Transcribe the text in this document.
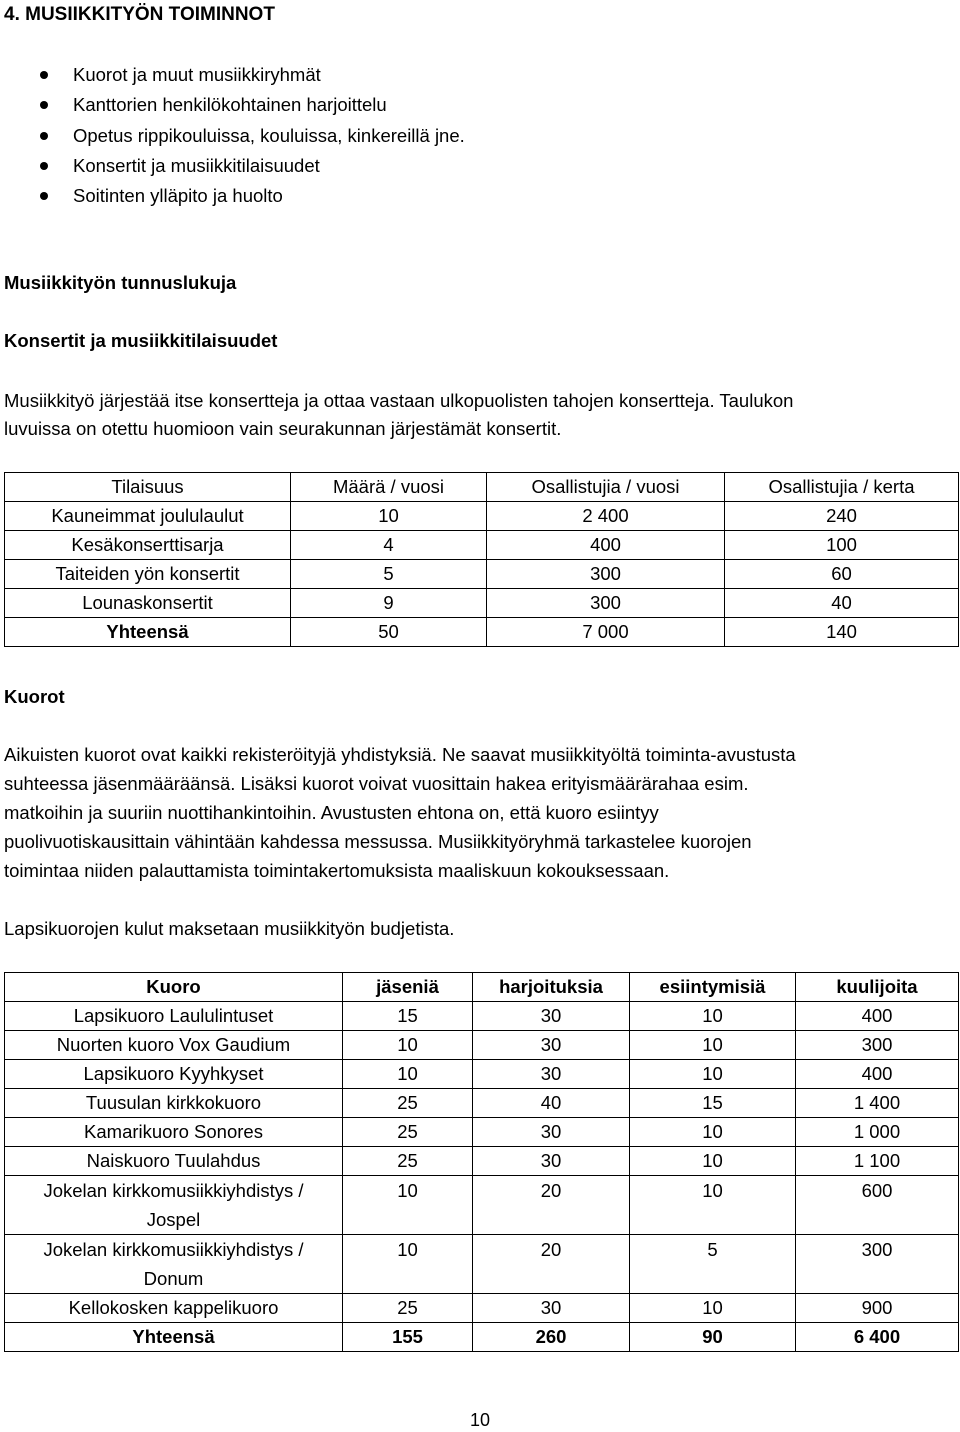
4. MUSIIKKITYÖN TOIMINNOT
Kuorot ja muut musiikkiryhmät
Kanttorien henkilökohtainen harjoittelu
Opetus rippikouluissa, kouluissa, kinkereillä jne.
Konsertit ja musiikkitilaisuudet
Soitinten ylläpito ja huolto
Musiikkityön tunnuslukuja
Konsertit ja musiikkitilaisuudet
Musiikkityö järjestää itse konsertteja ja ottaa vastaan ulkopuolisten tahojen konsertteja. Taulukon
luvuissa on otettu huomioon vain seurakunnan järjestämät konsertit.
Tilaisuus	Määrä / vuosi	Osallistujia / vuosi	Osallistujia / kerta
Kauneimmat joululaulut	10	2 400	240
Kesäkonserttisarja	4	400	100
Taiteiden yön konsertit	5	300	60
Lounaskonsertit	9	300	40
Yhteensä	50	7 000	140
Kuorot
Aikuisten kuorot ovat kaikki rekisteröityjä yhdistyksiä. Ne saavat musiikkityöltä toiminta-avustusta
suhteessa jäsenmääräänsä. Lisäksi kuorot voivat vuosittain hakea erityismäärärahaa esim.
matkoihin ja suuriin nuottihankintoihin. Avustusten ehtona on, että kuoro esiintyy
puolivuotiskausittain vähintään kahdessa messussa. Musiikkityöryhmä tarkastelee kuorojen
toimintaa niiden palauttamista toimintakertomuksista maaliskuun kokouksessaan.
Lapsikuorojen kulut maksetaan musiikkityön budjetista.
Kuoro	jäseniä	harjoituksia	esiintymisiä	kuulijoita
Lapsikuoro Laululintuset	15	30	10	400
Nuorten kuoro Vox Gaudium	10	30	10	300
Lapsikuoro Kyyhkyset	10	30	10	400
Tuusulan kirkkokuoro	25	40	15	1 400
Kamarikuoro Sonores	25	30	10	1 000
Naiskuoro Tuulahdus	25	30	10	1 100

Jokelan kirkkomusiikkiyhdistys /
Jospel	10	20	10	600

Jokelan kirkkomusiikkiyhdistys /
Donum	10	20	5	300
Kellokosken kappelikuoro	25	30	10	900
Yhteensä	155	260	90	6 400
10
